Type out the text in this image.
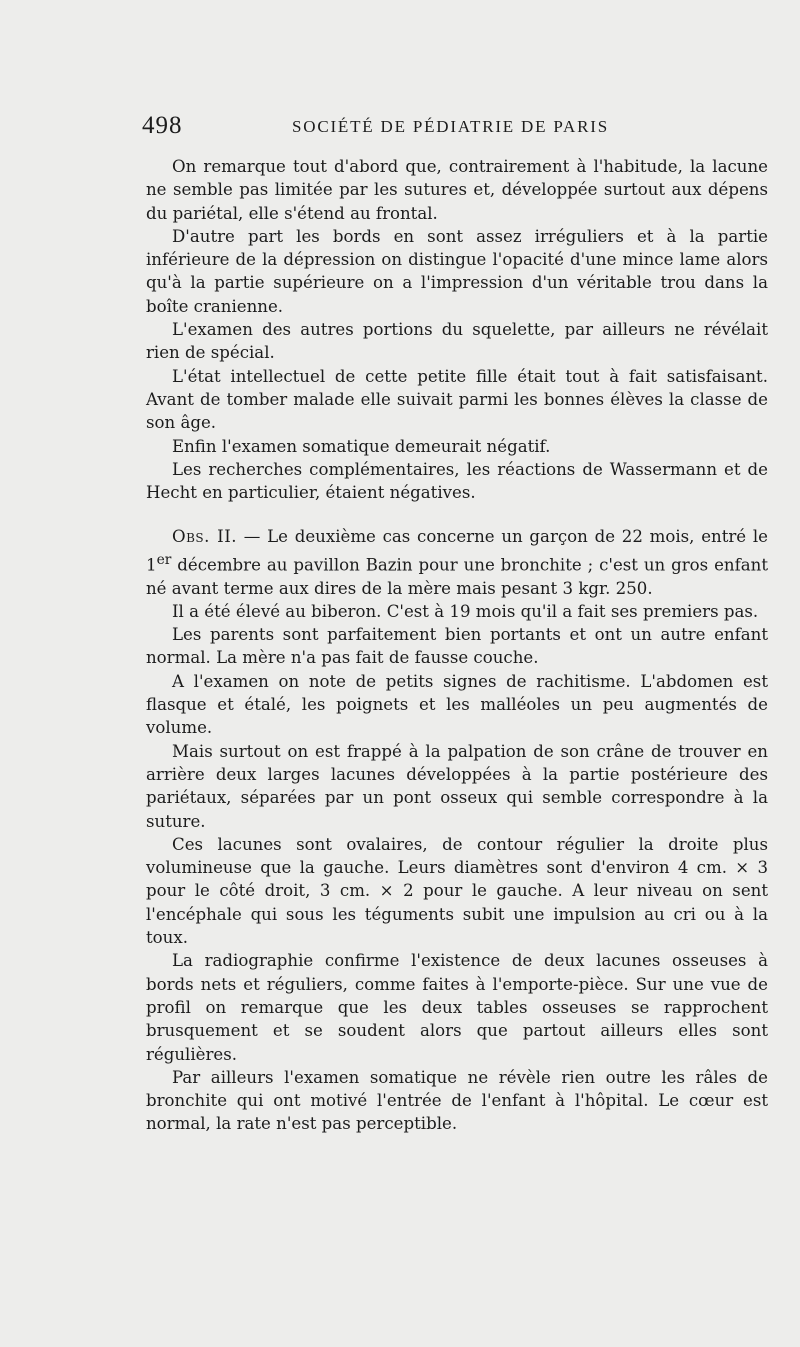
498	SOCIÉTÉ DE PÉDIATRIE DE PARIS

On remarque tout d'abord que, contrairement à l'habitude, la lacune ne semble pas limitée par les sutures et, développée surtout aux dépens du pariétal, elle s'étend au frontal.

D'autre part les bords en sont assez irréguliers et à la partie inférieure de la dépression on distingue l'opacité d'une mince lame alors qu'à la partie supérieure on a l'impression d'un véritable trou dans la boîte cranienne.

L'examen des autres portions du squelette, par ailleurs ne révélait rien de spécial.

L'état intellectuel de cette petite fille était tout à fait satisfaisant. Avant de tomber malade elle suivait parmi les bonnes élèves la classe de son âge.

Enfin l'examen somatique demeurait négatif.

Les recherches complémentaires, les réactions de Wassermann et de Hecht en particulier, étaient négatives.

Obs. II. — Le deuxième cas concerne un garçon de 22 mois, entré le 1er décembre au pavillon Bazin pour une bronchite ; c'est un gros enfant né avant terme aux dires de la mère mais pesant 3 kgr. 250.

Il a été élevé au biberon. C'est à 19 mois qu'il a fait ses premiers pas.

Les parents sont parfaitement bien portants et ont un autre enfant normal. La mère n'a pas fait de fausse couche.

A l'examen on note de petits signes de rachitisme. L'abdomen est flasque et étalé, les poignets et les malléoles un peu augmentés de volume.

Mais surtout on est frappé à la palpation de son crâne de trouver en arrière deux larges lacunes développées à la partie postérieure des pariétaux, séparées par un pont osseux qui semble correspondre à la suture.

Ces lacunes sont ovalaires, de contour régulier la droite plus volumineuse que la gauche. Leurs diamètres sont d'environ 4 cm. × 3 pour le côté droit, 3 cm. × 2 pour le gauche. A leur niveau on sent l'encéphale qui sous les téguments subit une impulsion au cri ou à la toux.

La radiographie confirme l'existence de deux lacunes osseuses à bords nets et réguliers, comme faites à l'emporte-pièce. Sur une vue de profil on remarque que les deux tables osseuses se rapprochent brusquement et se soudent alors que partout ailleurs elles sont régulières.

Par ailleurs l'examen somatique ne révèle rien outre les râles de bronchite qui ont motivé l'entrée de l'enfant à l'hôpital. Le cœur est normal, la rate n'est pas perceptible.
